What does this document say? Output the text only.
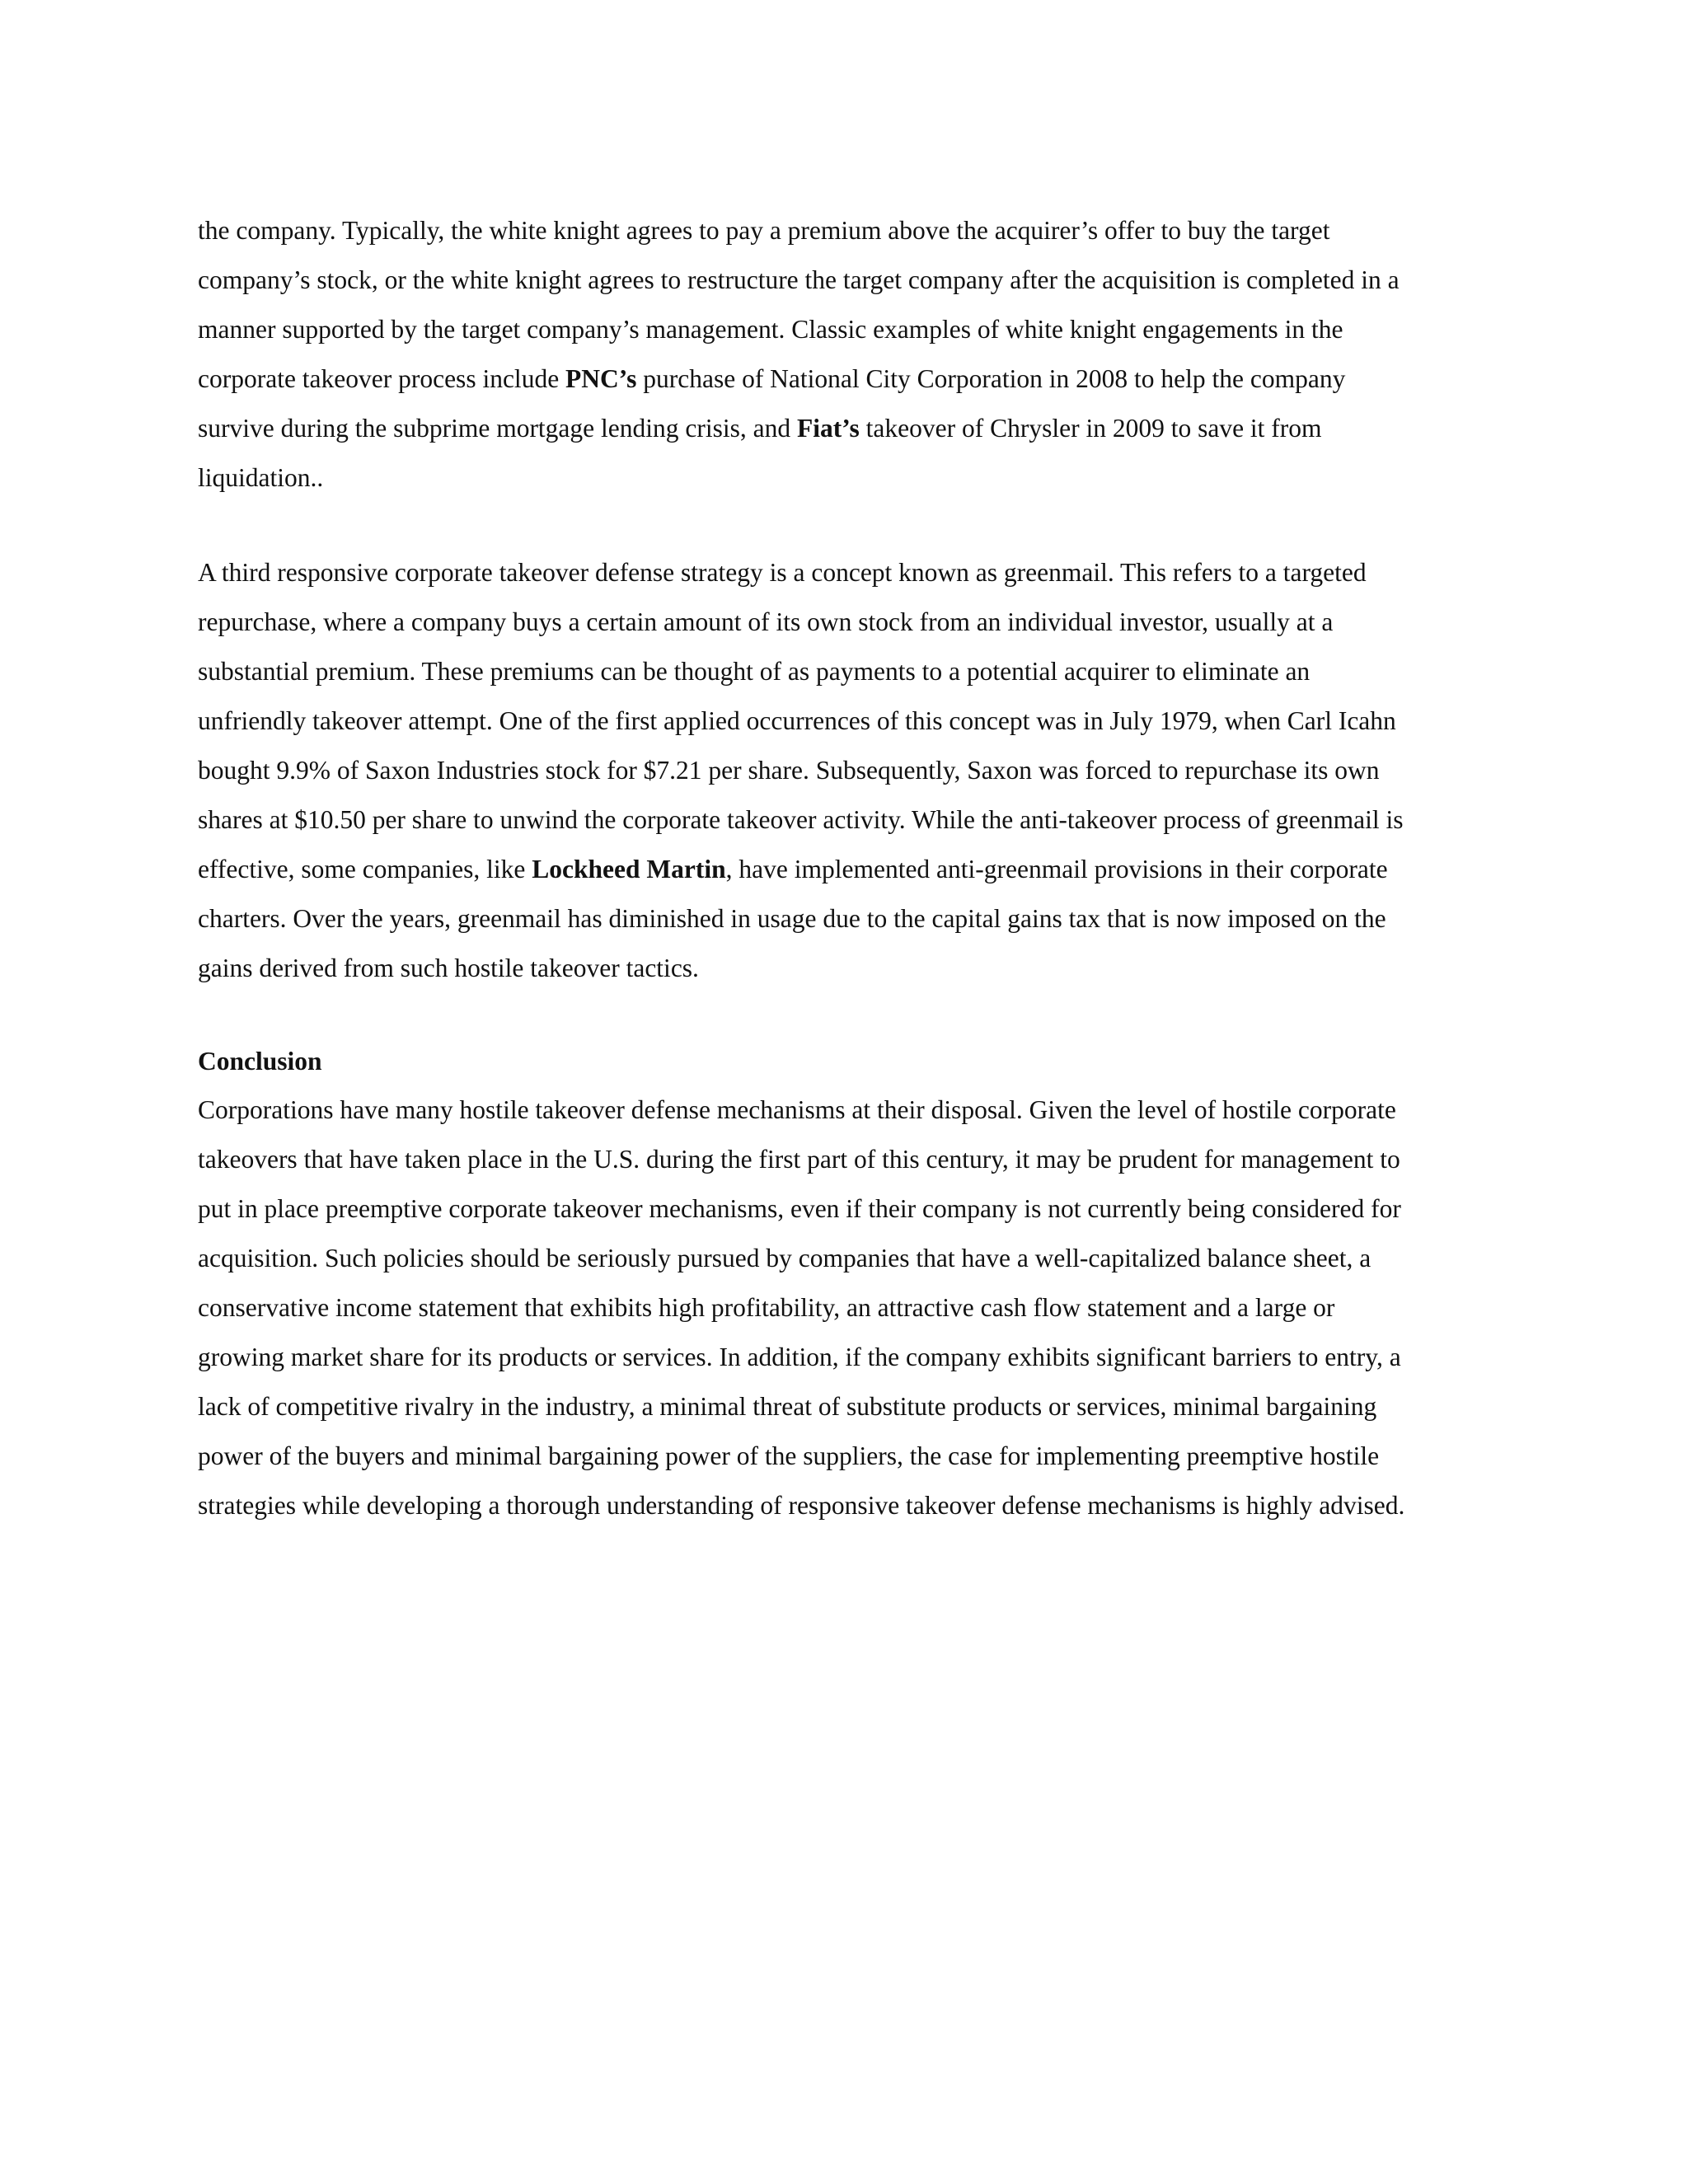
the company. Typically, the white knight agrees to pay a premium above the acquirer’s offer to buy the target
company’s stock, or the white knight agrees to restructure the target company after the acquisition is completed in a
manner supported by the target company’s management. Classic examples of white knight engagements in the
corporate takeover process include PNC’s purchase of National City Corporation in 2008 to help the company
survive during the subprime mortgage lending crisis, and Fiat’s takeover of Chrysler in 2009 to save it from
liquidation..
A third responsive corporate takeover defense strategy is a concept known as greenmail. This refers to a targeted
repurchase, where a company buys a certain amount of its own stock from an individual investor, usually at a
substantial premium. These premiums can be thought of as payments to a potential acquirer to eliminate an
unfriendly takeover attempt. One of the first applied occurrences of this concept was in July 1979, when Carl Icahn
bought 9.9% of Saxon Industries stock for $7.21 per share. Subsequently, Saxon was forced to repurchase its own
shares at $10.50 per share to unwind the corporate takeover activity. While the anti-takeover process of greenmail is
effective, some companies, like Lockheed Martin, have implemented anti-greenmail provisions in their corporate
charters. Over the years, greenmail has diminished in usage due to the capital gains tax that is now imposed on the
gains derived from such hostile takeover tactics.
Conclusion
Corporations have many hostile takeover defense mechanisms at their disposal. Given the level of hostile corporate
takeovers that have taken place in the U.S. during the first part of this century, it may be prudent for management to
put in place preemptive corporate takeover mechanisms, even if their company is not currently being considered for
acquisition. Such policies should be seriously pursued by companies that have a well-capitalized balance sheet, a
conservative income statement that exhibits high profitability, an attractive cash flow statement and a large or
growing market share for its products or services. In addition, if the company exhibits significant barriers to entry, a
lack of competitive rivalry in the industry, a minimal threat of substitute products or services, minimal bargaining
power of the buyers and minimal bargaining power of the suppliers, the case for implementing preemptive hostile
strategies while developing a thorough understanding of responsive takeover defense mechanisms is highly advised.
